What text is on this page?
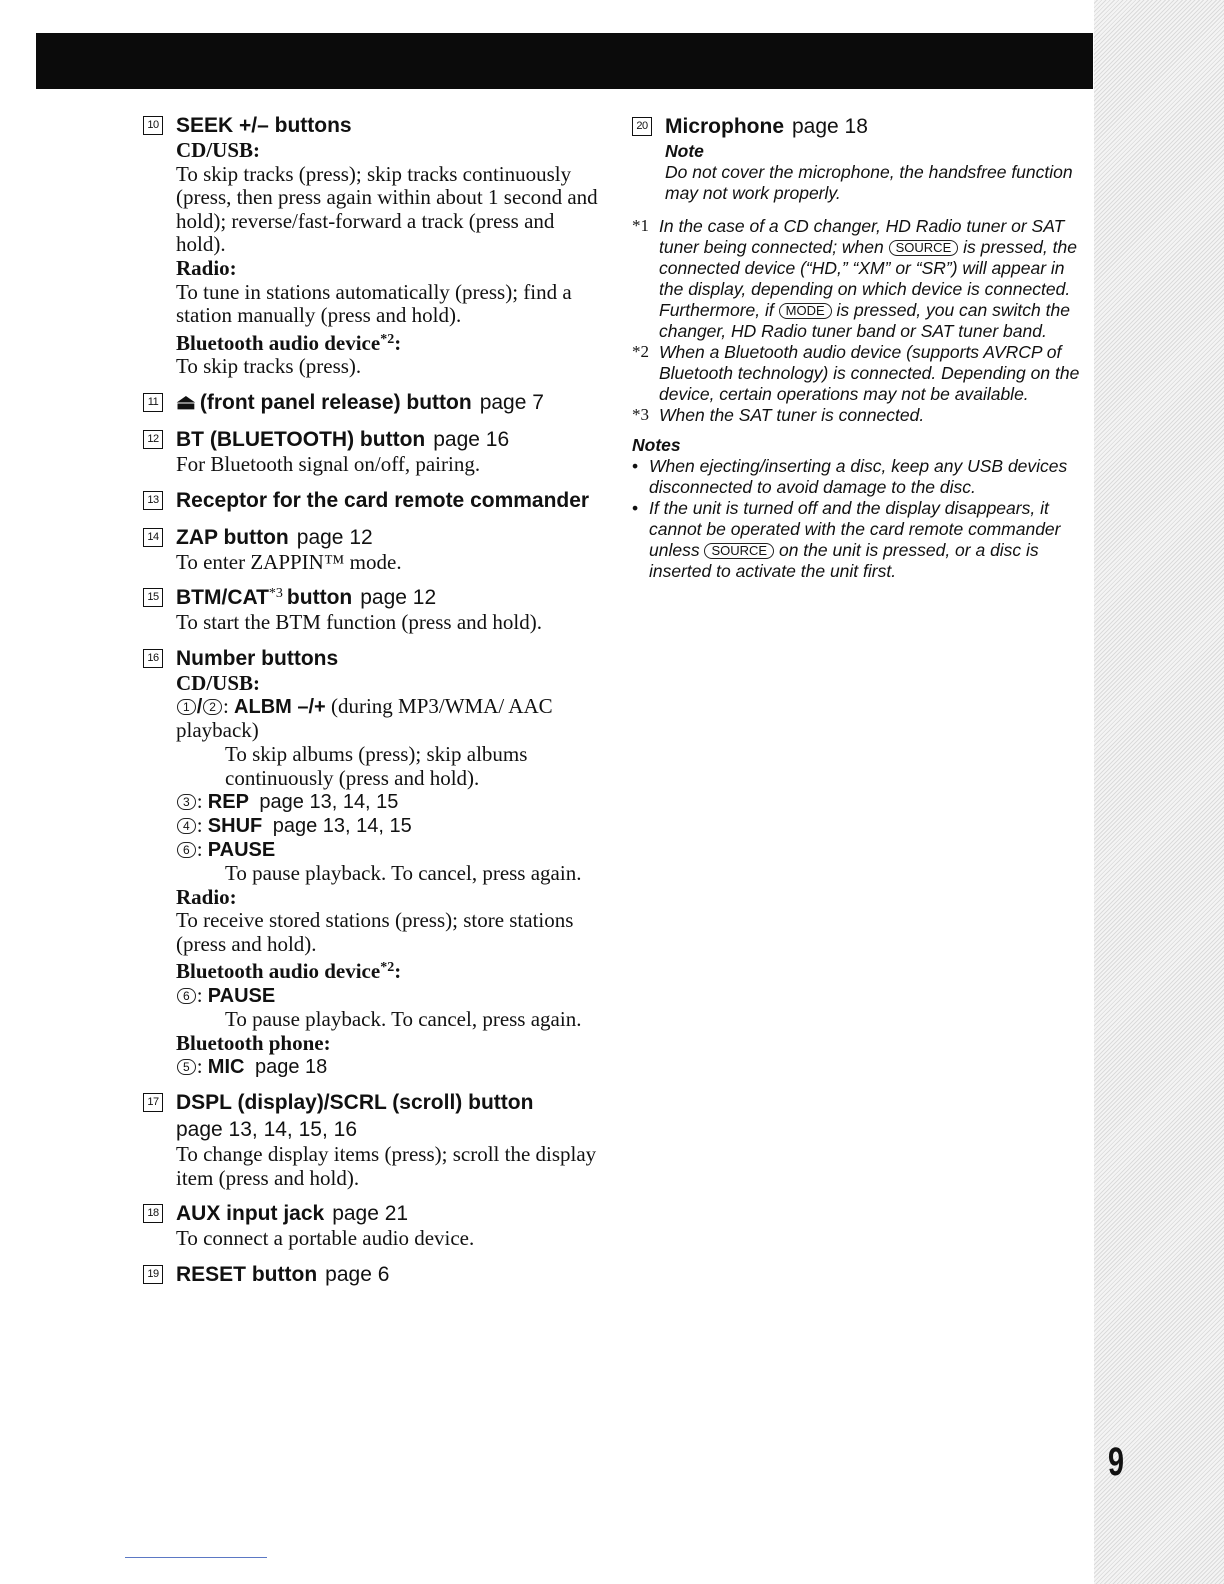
10 SEEK +/– buttons
CD/USB:
To skip tracks (press); skip tracks continuously (press, then press again within about 1 second and hold); reverse/fast-forward a track (press and hold).
Radio:
To tune in stations automatically (press); find a station manually (press and hold).
Bluetooth audio device$^{*2}$:
To skip tracks (press).
11 ⏏ (front panel release) button page 7
12 BT (BLUETOOTH) button page 16
For Bluetooth signal on/off, pairing.
13 Receptor for the card remote commander
14 ZAP button page 12
To enter ZAPPIN™ mode.
15 BTM/CAT*3 button page 12
To start the BTM function (press and hold).
16 Number buttons
CD/USB:
1 / 2 : ALBM –/+ (during MP3/WMA/ AAC playback)
To skip albums (press); skip albums continuously (press and hold).
3 : REP page 13, 14, 15
4 : SHUF page 13, 14, 15
6 : PAUSE
To pause playback. To cancel, press again.
Radio:
To receive stored stations (press); store stations (press and hold).
Bluetooth audio device$^{*2}$:
6 : PAUSE
To pause playback. To cancel, press again.
Bluetooth phone:
5 : MIC page 18
17 DSPL (display)/SCRL (scroll) button
page 13, 14, 15, 16
To change display items (press); scroll the display item (press and hold).
18 AUX input jack page 21
To connect a portable audio device.
19 RESET button page 6
20 Microphone page 18
Note
Do not cover the microphone, the handsfree function may not work properly.
*1 In the case of a CD changer, HD Radio tuner or SAT tuner being connected; when SOURCE is pressed, the connected device (“HD,” “XM” or “SR”) will appear in the display, depending on which device is connected. Furthermore, if MODE is pressed, you can switch the changer, HD Radio tuner band or SAT tuner band.
*2 When a Bluetooth audio device (supports AVRCP of Bluetooth technology) is connected. Depending on the device, certain operations may not be available.
*3 When the SAT tuner is connected.
Notes
• When ejecting/inserting a disc, keep any USB devices disconnected to avoid damage to the disc.
• If the unit is turned off and the display disappears, it cannot be operated with the card remote commander unless SOURCE on the unit is pressed, or a disc is inserted to activate the unit first.
9
